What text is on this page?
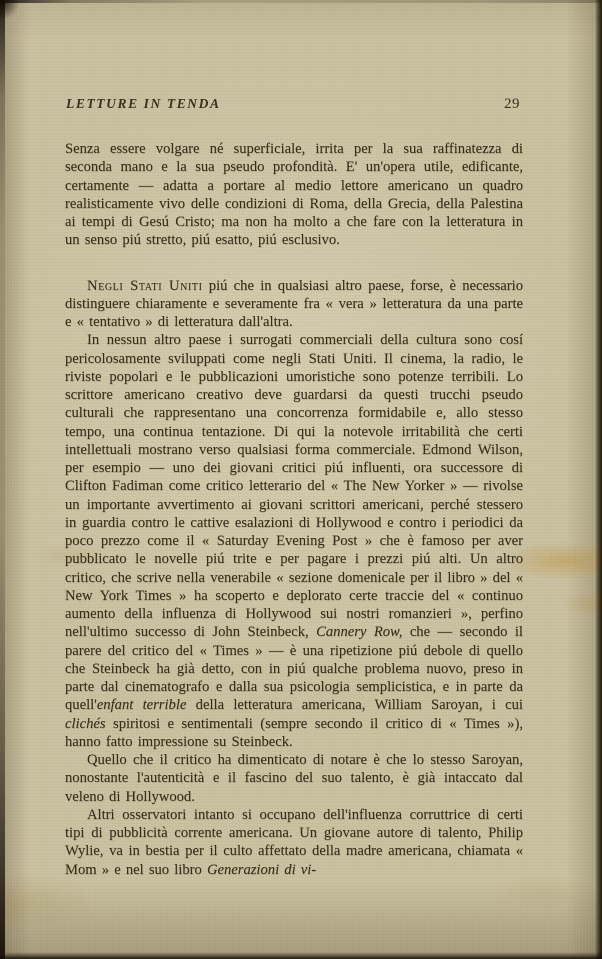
LETTURE IN TENDA	29

Senza essere volgare né superficiale, irrita per la sua raffinatezza di seconda mano e la sua pseudo profondità. E' un'opera utile, edificante, certamente — adatta a portare al medio lettore americano un quadro realisticamente vivo delle condizioni di Roma, della Grecia, della Palestina ai tempi di Gesú Cristo; ma non ha molto a che fare con la letteratura in un senso piú stretto, piú esatto, piú esclusivo.

Negli Stati Uniti piú che in qualsiasi altro paese, forse, è necessario distinguere chiaramente e severamente fra « vera » letteratura da una parte e « tentativo » di letteratura dall'altra.

In nessun altro paese i surrogati commerciali della cultura sono cosí pericolosamente sviluppati come negli Stati Uniti. Il cinema, la radio, le riviste popolari e le pubblicazioni umoristiche sono potenze terribili. Lo scrittore americano creativo deve guardarsi da questi trucchi pseudo culturali che rappresentano una concorrenza formidabile e, allo stesso tempo, una continua tentazione. Di qui la notevole irritabilità che certi intellettuali mostrano verso qualsiasi forma commerciale. Edmond Wilson, per esempio — uno dei giovani critici piú influenti, ora successore di Clifton Fadiman come critico letterario del « The New Yorker » — rivolse un importante avvertimento ai giovani scrittori americani, perché stessero in guardia contro le cattive esalazioni di Hollywood e contro i periodici da poco prezzo come il « Saturday Evening Post » che è famoso per aver pubblicato le novelle piú trite e per pagare i prezzi piú alti. Un altro critico, che scrive nella venerabile « sezione domenicale per il libro » del « New York Times » ha scoperto e deplorato certe traccie del « continuo aumento della influenza di Hollywood sui nostri romanzieri », perfino nell'ultimo successo di John Steinbeck, Cannery Row, che — secondo il parere del critico del « Times » — è una ripetizione piú debole di quello che Steinbeck ha già detto, con in piú qualche problema nuovo, preso in parte dal cinematografo e dalla sua psicologia semplicistica, e in parte da quell'enfant terrible della letteratura americana, William Saroyan, i cui clichés spiritosi e sentimentali (sempre secondo il critico di « Times »), hanno fatto impressione su Steinbeck.

Quello che il critico ha dimenticato di notare è che lo stesso Saroyan, nonostante l'autenticità e il fascino del suo talento, è già intaccato dal veleno di Hollywood.

Altri osservatori intanto si occupano dell'influenza corruttrice di certi tipi di pubblicità corrente americana. Un giovane autore di talento, Philip Wylie, va in bestia per il culto affettato della madre americana, chiamata « Mom » e nel suo libro Generazioni di vi-
